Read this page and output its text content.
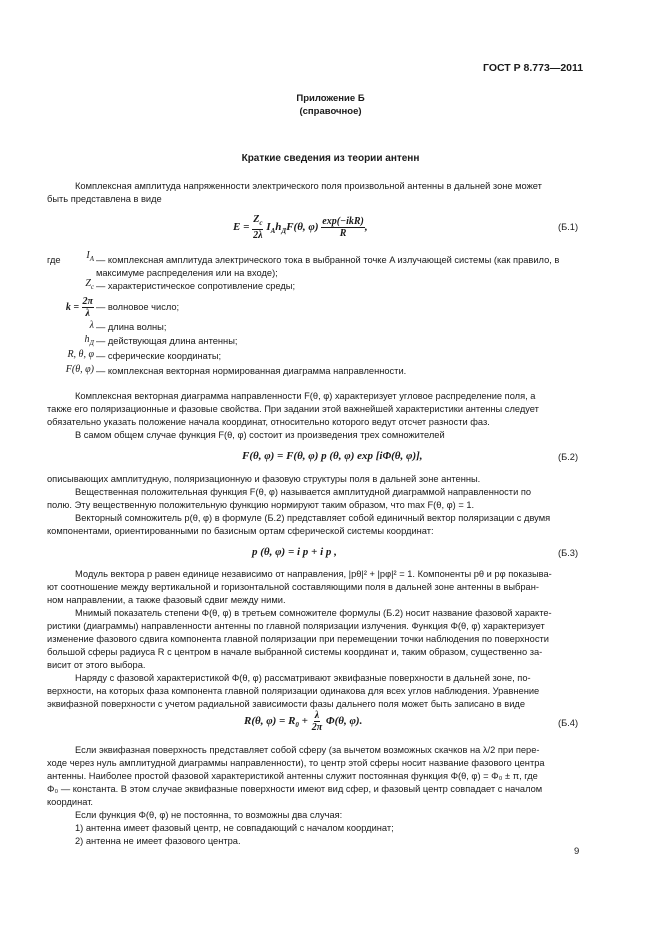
ГОСТ Р 8.773—2011
Приложение Б
(справочное)
Краткие сведения из теории антенн
Комплексная амплитуда напряженности электрического поля произвольной антенны в дальней зоне может
быть представлена в виде
$E = \frac{Z_c}{2\lambda} I_Ah_ДF(\theta$, $\varphi) \frac{\text{exp(−ikR)}}{R}$ ,	(Б.1)
где	$I_A$ — комплексная амплитуда электрического тока в выбранной точке A излучающей системы (как правило, в
максимуме распределения или на входе);
$Z_c$ — характеристическое сопротивление среды;
$k = \frac{2\pi}{\lambda}$ — волновое число;
λ — длина волны;
$h_Д$ — действующая длина антенны;
R, θ, φ — сферические координаты;
F(θ, φ) — комплексная векторная нормированная диаграмма направленности.
Комплексная векторная диаграмма направленности F(θ, φ) характеризует угловое распределение поля, а
также его поляризационные и фазовые свойства. При задании этой важнейшей характеристики антенны следует
обязательно указать положение начала координат, относительно которого ведут отсчет разности фаз.
В самом общем случае функция F(θ, φ) состоит из произведения трех сомножителей
F(θ, φ) = F(θ, φ) p (θ, φ) exp [iΦ(θ, φ)],	(Б.2)
описывающих амплитудную, поляризационную и фазовую структуры поля в дальней зоне антенны.
Вещественная положительная функция F(θ, φ) называется амплитудной диаграммой направленности по
полю. Эту вещественную положительную функцию нормируют таким образом, что max F(θ, φ) = 1.
Векторный сомножитель p(θ, φ) в формуле (Б.2) представляет собой единичный вектор поляризации с двумя
компонентами, ориентированными по базисным ортам сферической системы координат:
p (θ, φ) = i p + i p ,	(Б.3)
Модуль вектора p равен единице независимо от направления, |pθ|² + |pφ|² = 1. Компоненты pθ и pφ показыва-
ют соотношение между вертикальной и горизонтальной составляющими поля в дальней зоне антенны в выбран-
ном направлении, а также фазовый сдвиг между ними.
Мнимый показатель степени Φ(θ, φ) в третьем сомножителе формулы (Б.2) носит название фазовой характе-
ристики (диаграммы) направленности антенны по главной поляризации излучения. Функция Φ(θ, φ) характеризует
изменение фазового сдвига компонента главной поляризации при перемещении точки наблюдения по поверхности
большой сферы радиуса R с центром в начале выбранной системы координат и, таким образом, существенно за-
висит от этого выбора.
Наряду с фазовой характеристикой Φ(θ, φ) рассматривают эквифазные поверхности в дальней зоне, по-
верхности, на которых фаза компонента главной поляризации одинакова для всех углов наблюдения. Уравнение
эквифазной поверхности с учетом радиальной зависимости фазы дальнего поля может быть записано в виде
R(θ, $\varphi) = R_0 + \frac{\lambda}{2\pi} \Phi(\theta$, φ).	(Б.4)
Если эквифазная поверхность представляет собой сферу (за вычетом возможных скачков на λ/2 при пере-
ходе через нуль амплитудной диаграммы направленности), то центр этой сферы носит название фазового центра
антенны. Наиболее простой фазовой характеристикой антенны служит постоянная функция Φ(θ, φ) = Φ₀ ± π, где
Φ₀ — константа. В этом случае эквифазные поверхности имеют вид сфер, и фазовый центр совпадает с началом
координат.
Если функция Φ(θ, φ) не постоянна, то возможны два случая:
1) антенна имеет фазовый центр, не совпадающий с началом координат;
2) антенна не имеет фазового центра.
9
